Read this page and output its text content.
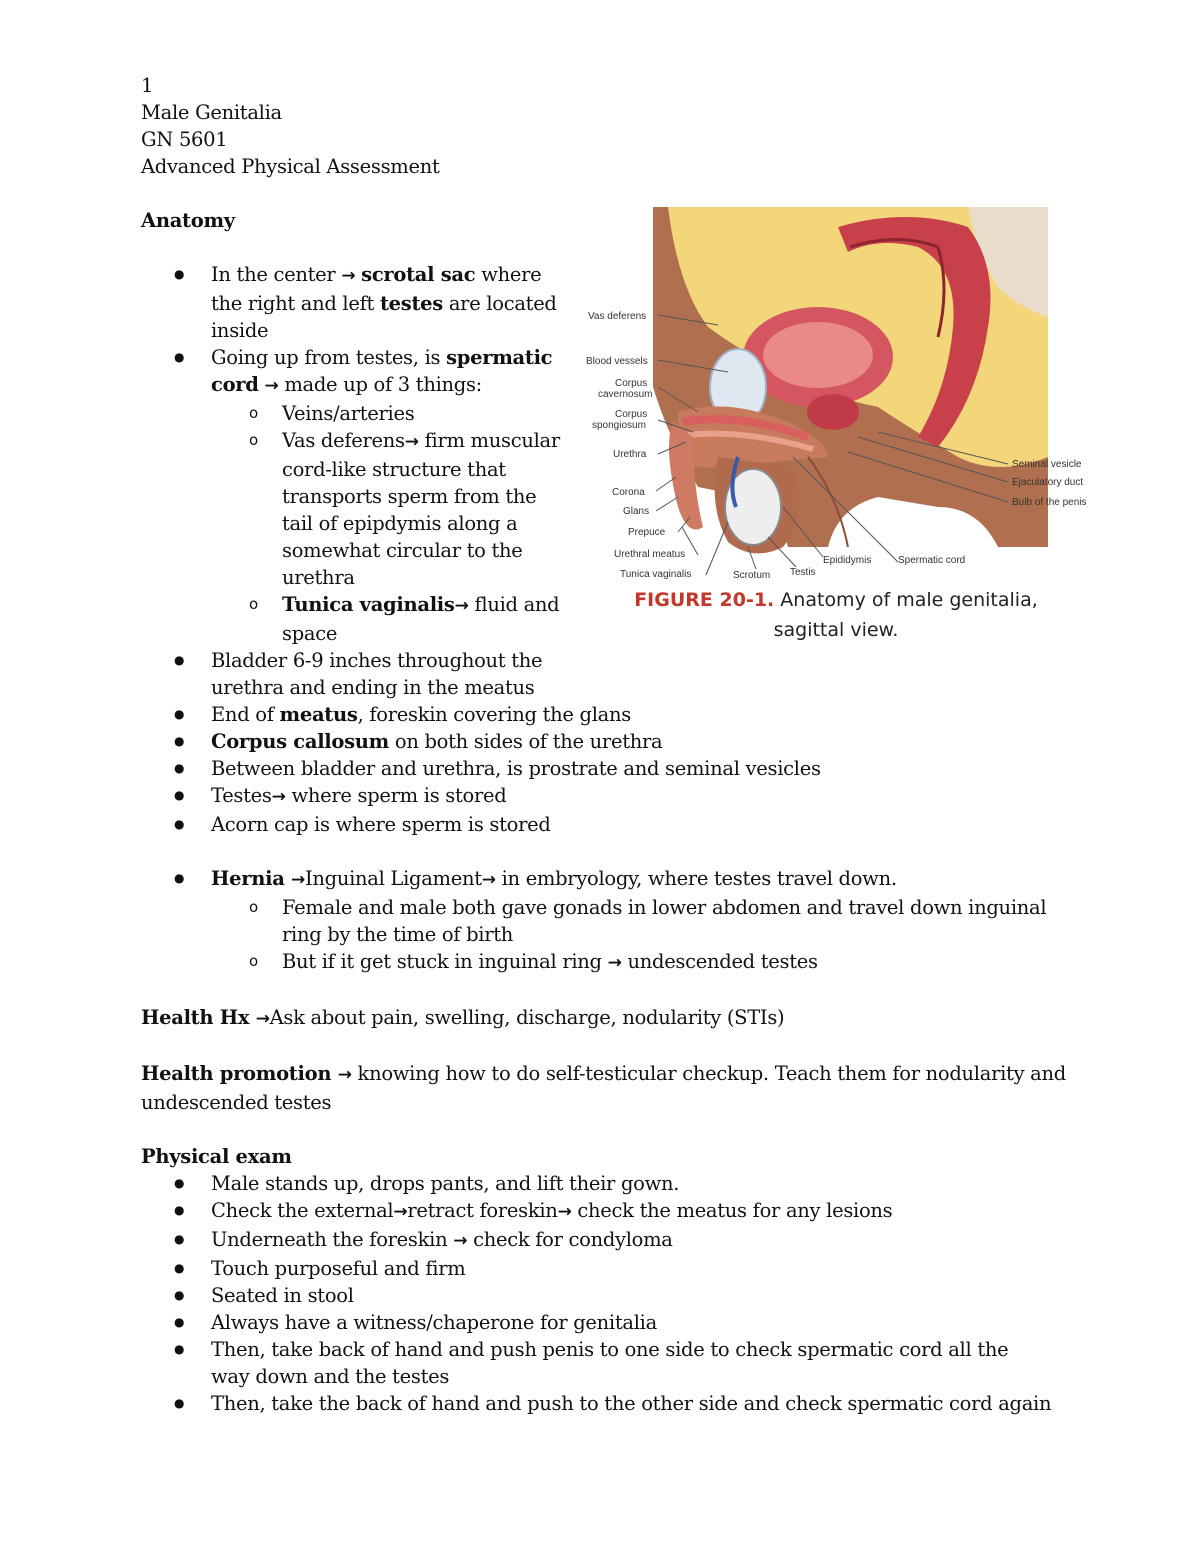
1

Male Genitalia

GN 5601

Advanced Physical Assessment

Anatomy
● In the center → scrotal sac where the right and left testes are located inside
● Going up from testes, is spermatic cord → made up of 3 things:
o Veins/arteries
o Vas deferens→ firm muscular cord-like structure that transports sperm from the tail of epipdymis along a somewhat circular to the urethra
o Tunica vaginalis→ fluid and space
● Bladder 6-9 inches throughout the urethra and ending in the meatus
● End of meatus, foreskin covering the glans
● Corpus callosum on both sides of the urethra
● Between bladder and urethra, is prostrate and seminal vesicles
● Testes→ where sperm is stored
● Acorn cap is where sperm is stored
● Hernia →Inguinal Ligament→ in embryology, where testes travel down.
o Female and male both gave gonads in lower abdomen and travel down inguinal ring by the time of birth
o But if it get stuck in inguinal ring → undescended testes

Health Hx →Ask about pain, swelling, discharge, nodularity (STIs)

Health promotion → knowing how to do self-testicular checkup. Teach them for nodularity and undescended testes

Physical exam
● Male stands up, drops pants, and lift their gown.
● Check the external→retract foreskin→ check the meatus for any lesions
● Underneath the foreskin → check for condyloma
● Touch purposeful and firm
● Seated in stool
● Always have a witness/chaperone for genitalia
● Then, take back of hand and push penis to one side to check spermatic cord all the way down and the testes
● Then, take the back of hand and push to the other side and check spermatic cord again
Vas deferens
Blood vessels
Corpus
cavernosum
Corpus
spongiosum
Urethra
Corona
Glans
Prepuce
Urethral meatus
Tunica vaginalis	Scrotum Testis
Epididymis	Spermatic cord
Seminal vesicle
Ejaculatory duct
Bulb of the penis
FIGURE 20-1. Anatomy of male genitalia, sagittal view.
